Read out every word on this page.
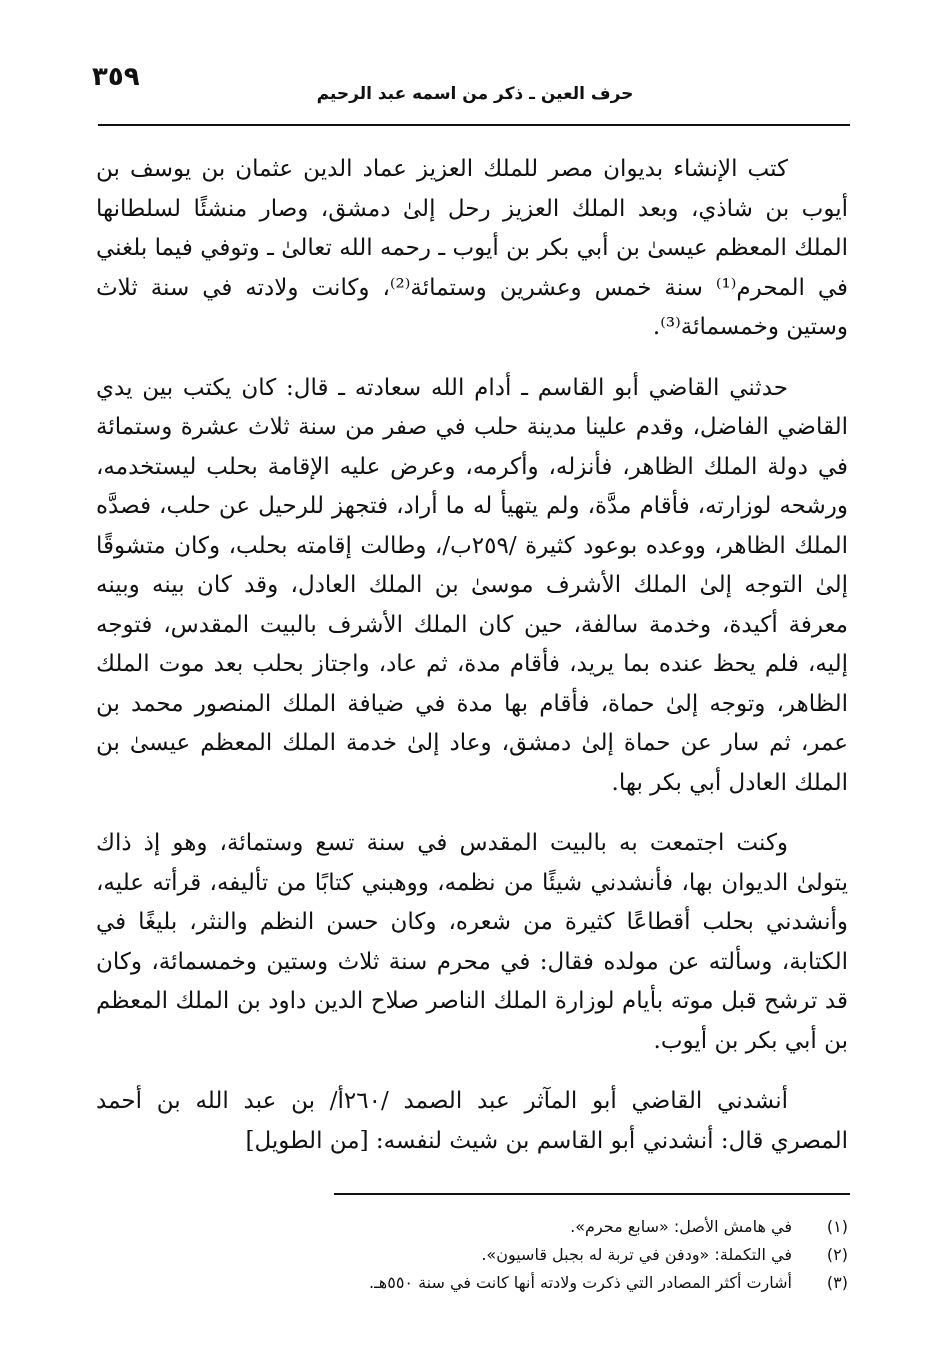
٣٥٩
حرف العين ـ ذكر من اسمه عبد الرحيم

كتب الإنشاء بديوان مصر للملك العزيز عماد الدين عثمان بن يوسف بن أيوب بن شاذي، وبعد الملك العزيز رحل إلىٰ دمشق، وصار منشئًا لسلطانها الملك المعظم عيسىٰ بن أبي بكر بن أيوب ـ رحمه الله تعالىٰ ـ وتوفي فيما بلغني في المحرم⁽¹⁾ سنة خمس وعشرين وستمائة⁽²⁾، وكانت ولادته في سنة ثلاث وستين وخمسمائة⁽³⁾.

حدثني القاضي أبو القاسم ـ أدام الله سعادته ـ قال: كان يكتب بين يدي القاضي الفاضل، وقدم علينا مدينة حلب في صفر من سنة ثلاث عشرة وستمائة في دولة الملك الظاهر، فأنزله، وأكرمه، وعرض عليه الإقامة بحلب ليستخدمه، ورشحه لوزارته، فأقام مدَّة، ولم يتهيأ له ما أراد، فتجهز للرحيل عن حلب، فصدَّه الملك الظاهر، ووعده بوعود كثيرة /٢٥٩ب/، وطالت إقامته بحلب، وكان متشوقًا إلىٰ التوجه إلىٰ الملك الأشرف موسىٰ بن الملك العادل، وقد كان بينه وبينه معرفة أكيدة، وخدمة سالفة، حين كان الملك الأشرف بالبيت المقدس، فتوجه إليه، فلم يحظ عنده بما يريد، فأقام مدة، ثم عاد، واجتاز بحلب بعد موت الملك الظاهر، وتوجه إلىٰ حماة، فأقام بها مدة في ضيافة الملك المنصور محمد بن عمر، ثم سار عن حماة إلىٰ دمشق، وعاد إلىٰ خدمة الملك المعظم عيسىٰ بن الملك العادل أبي بكر بها.

وكنت اجتمعت به بالبيت المقدس في سنة تسع وستمائة، وهو إذ ذاك يتولىٰ الديوان بها، فأنشدني شيئًا من نظمه، ووهبني كتابًا من تأليفه، قرأته عليه، وأنشدني بحلب أقطاعًا كثيرة من شعره، وكان حسن النظم والنثر، بليغًا في الكتابة، وسألته عن مولده فقال: في محرم سنة ثلاث وستين وخمسمائة، وكان قد ترشح قبل موته بأيام لوزارة الملك الناصر صلاح الدين داود بن الملك المعظم بن أبي بكر بن أيوب.

أنشدني القاضي أبو المآثر عبد الصمد /٢٦٠أ/ بن عبد الله بن أحمد المصري قال: أنشدني أبو القاسم بن شيث لنفسه: [من الطويل]

(١)
في هامش الأصل: «سابع محرم».
(٢)
في التكملة: «ودفن في تربة له بجبل قاسيون».
(٣)
أشارت أكثر المصادر التي ذكرت ولادته أنها كانت في سنة ٥٥٠هـ.
